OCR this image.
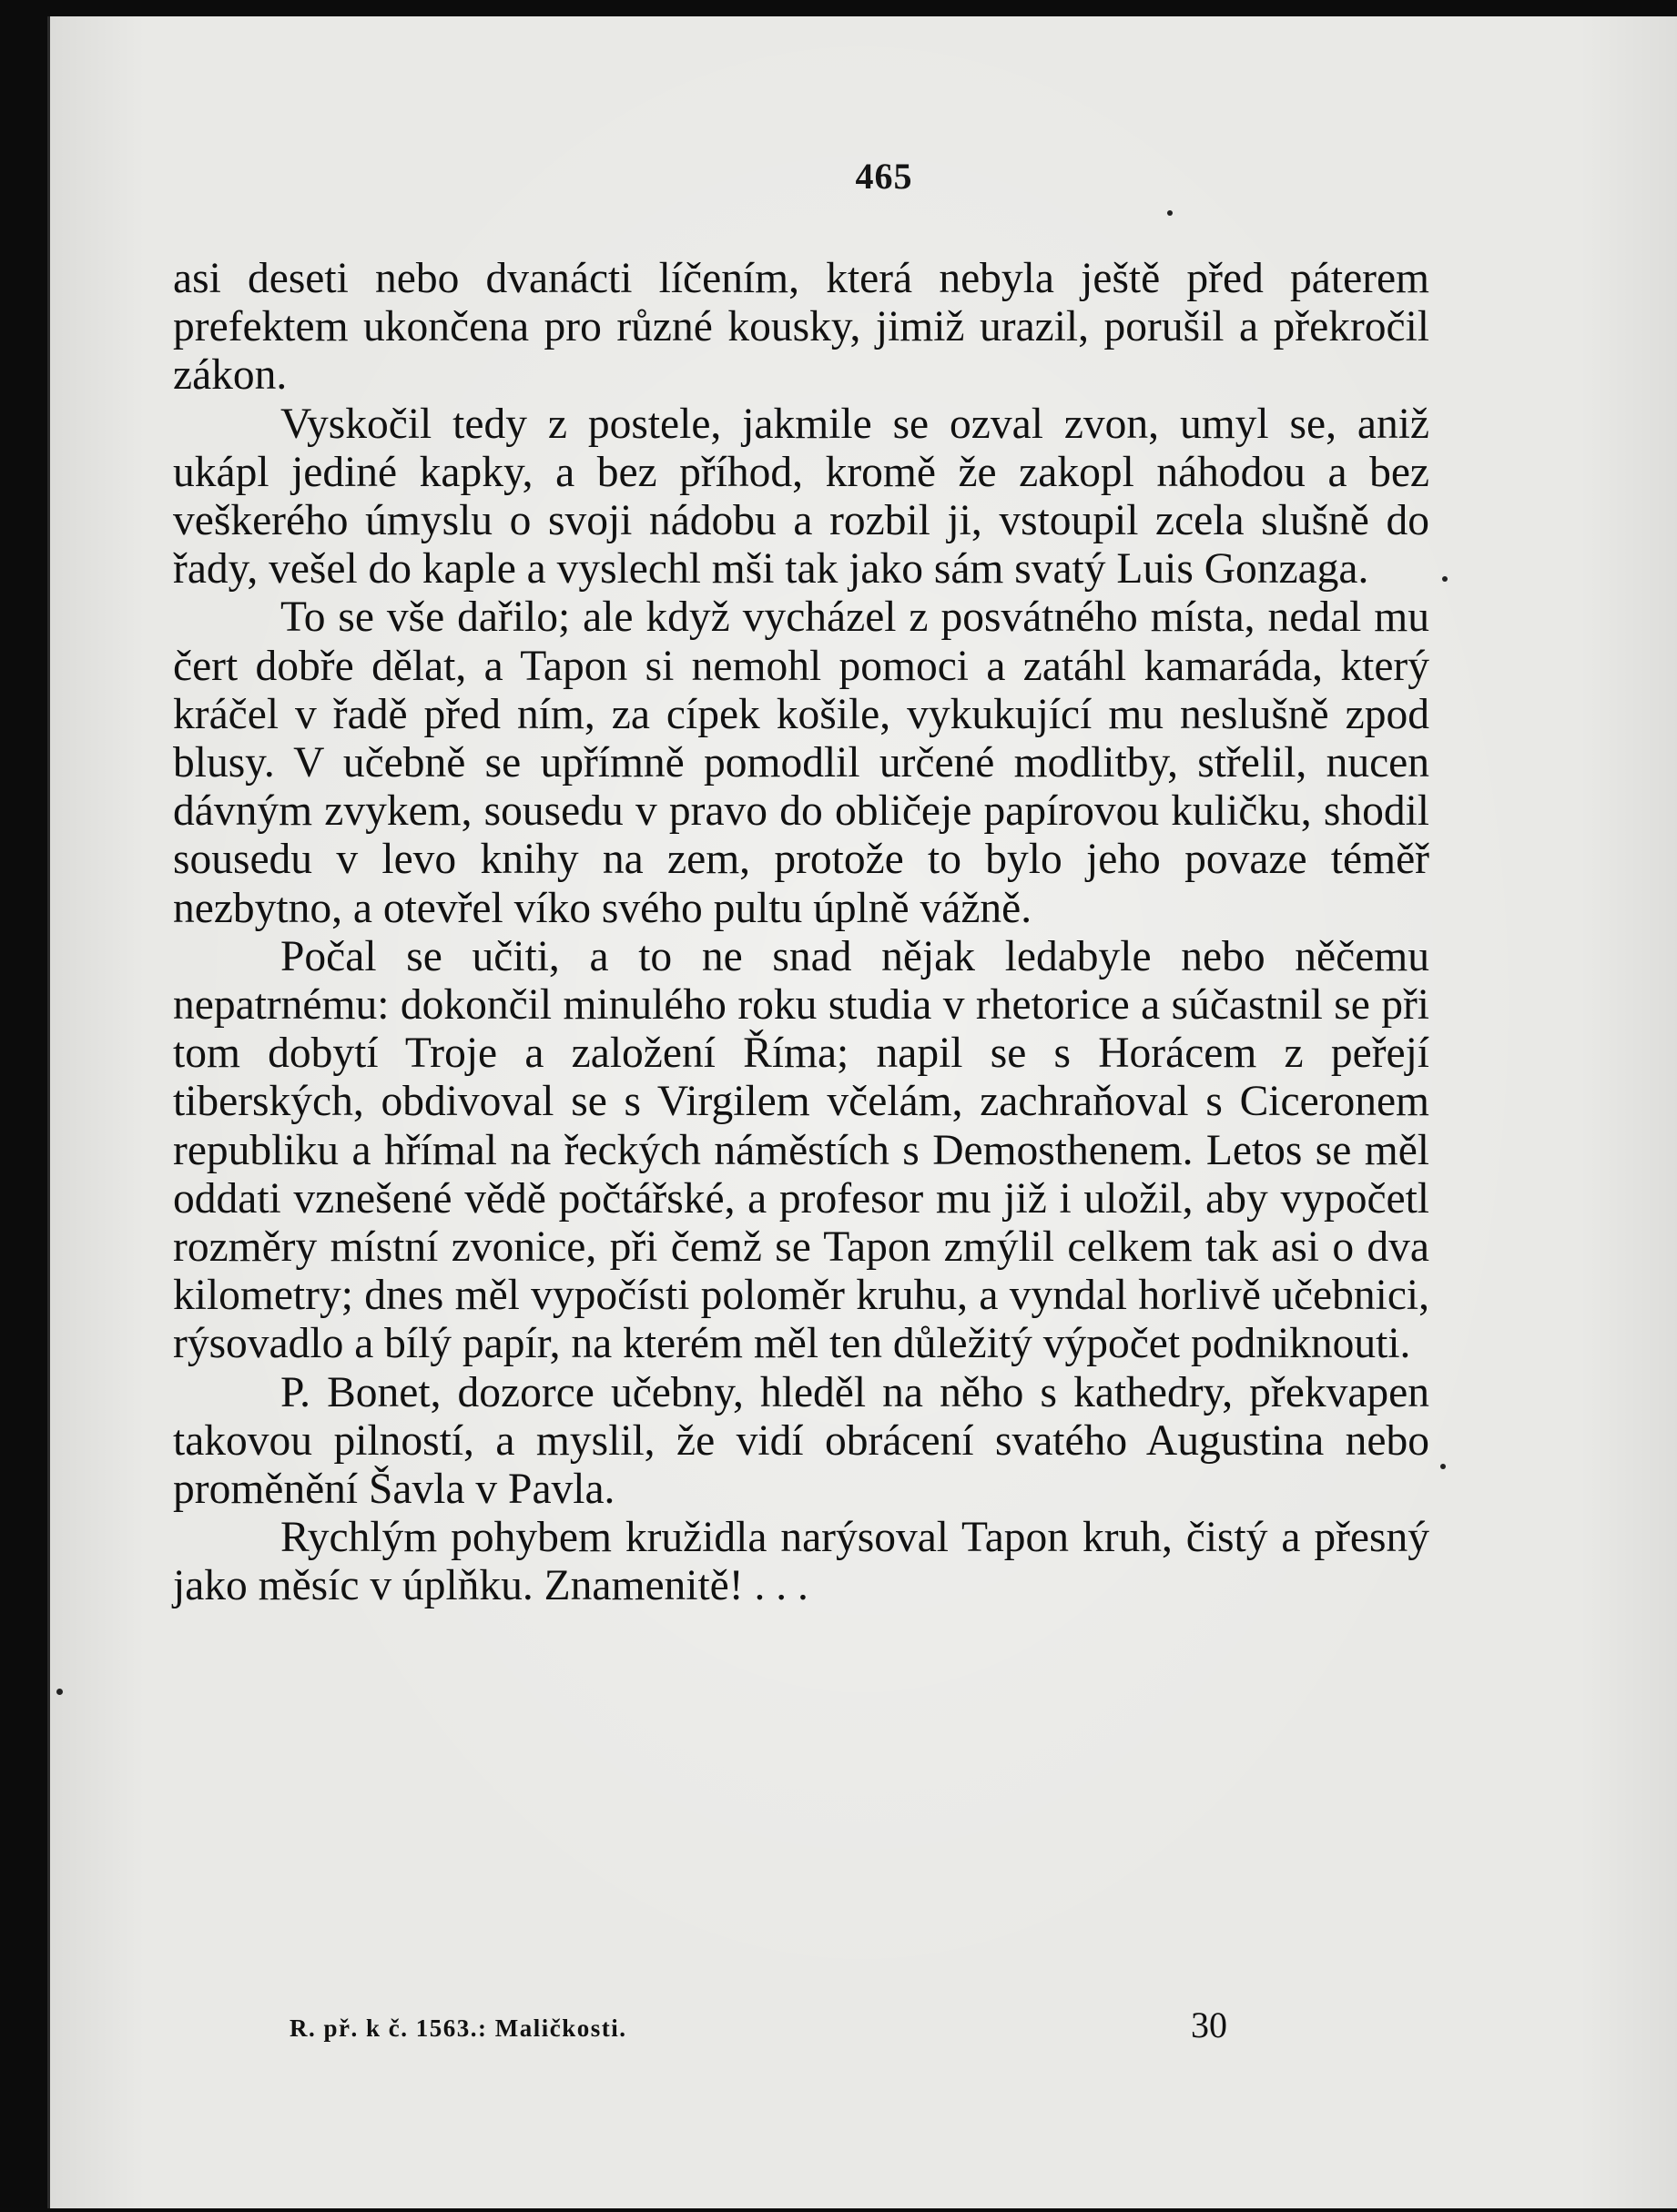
465

asi deseti nebo dvanácti líčením, která nebyla ještě před páterem prefektem ukončena pro různé kousky, jimiž urazil, porušil a překročil zákon.

Vyskočil tedy z postele, jakmile se ozval zvon, umyl se, aniž ukápl jediné kapky, a bez příhod, kromě že zakopl náhodou a bez veškerého úmyslu o svoji nádobu a rozbil ji, vstoupil zcela slušně do řady, vešel do kaple a vyslechl mši tak jako sám svatý Luis Gonzaga.

To se vše dařilo; ale když vycházel z posvátného místa, nedal mu čert dobře dělat, a Tapon si nemohl pomoci a zatáhl kamaráda, který kráčel v řadě před ním, za cípek košile, vykukující mu neslušně zpod blusy. V učebně se upřímně pomodlil určené modlitby, střelil, nucen dávným zvykem, sousedu v pravo do obličeje papírovou kuličku, shodil sousedu v levo knihy na zem, protože to bylo jeho povaze téměř nezbytno, a otevřel víko svého pultu úplně vážně.

Počal se učiti, a to ne snad nějak ledabyle nebo něčemu nepatrnému: dokončil minulého roku studia v rhetorice a súčastnil se při tom dobytí Troje a založení Říma; napil se s Horácem z peřejí tiberských, obdivoval se s Virgilem včelám, zachraňoval s Ciceronem republiku a hřímal na řeckých náměstích s Demosthenem. Letos se měl oddati vznešené vědě počtářské, a profesor mu již i uložil, aby vypočetl rozměry místní zvonice, při čemž se Tapon zmýlil celkem tak asi o dva kilometry; dnes měl vypočísti poloměr kruhu, a vyndal horlivě učebnici, rýsovadlo a bílý papír, na kterém měl ten důležitý výpočet podniknouti.

P. Bonet, dozorce učebny, hleděl na něho s kathedry, překvapen takovou pilností, a myslil, že vidí obrácení svatého Augustina nebo proměnění Šavla v Pavla.

Rychlým pohybem kružidla narýsoval Tapon kruh, čistý a přesný jako měsíc v úplňku. Znamenitě! . . .

R. př. k č. 1563.: Maličkosti.	30
